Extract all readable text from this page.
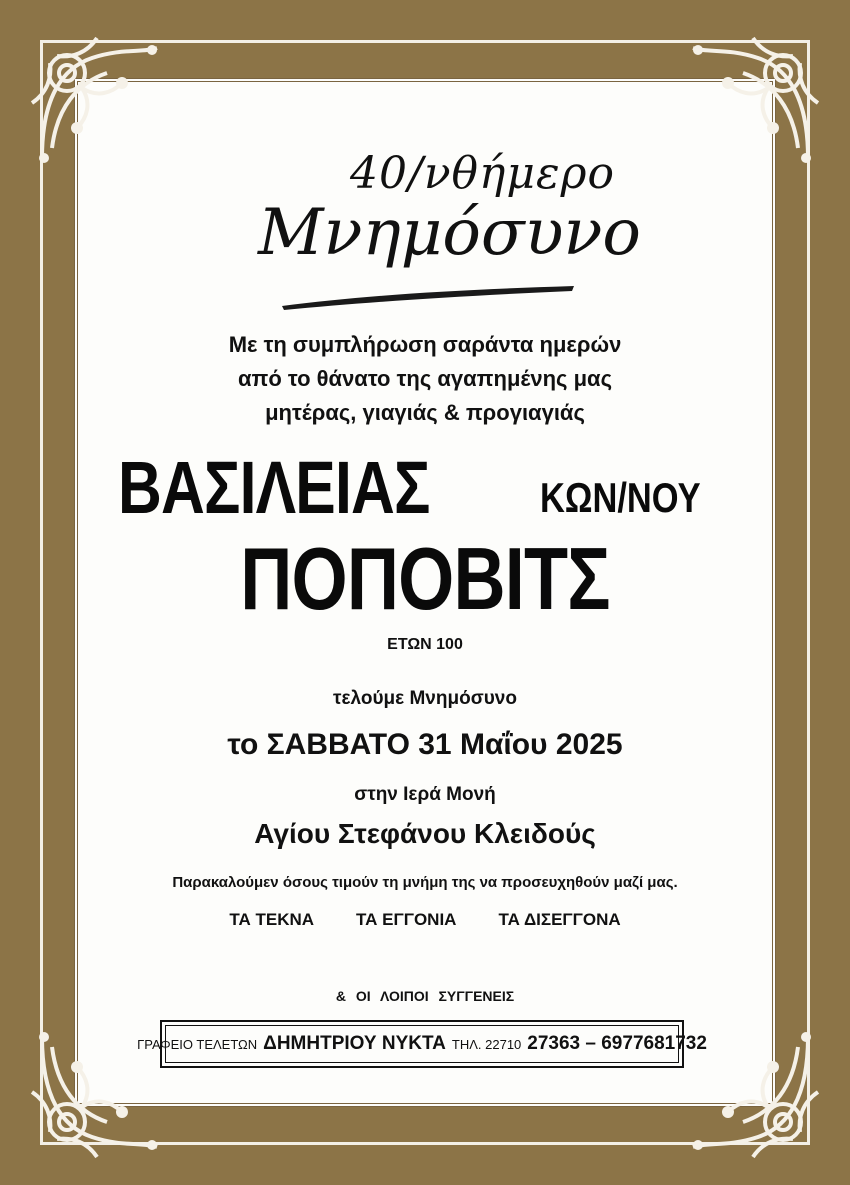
40/νθήμερο
Μνημόσυνο
Με τη συμπλήρωση σαράντα ημερών
από το θάνατο της αγαπημένης μας
μητέρας, γιαγιάς & προγιαγιάς
ΒΑΣΙΛΕΙΑΣ	ΚΩΝ/ΝΟΥ
ΠΟΠΟΒΙΤΣ
ΕΤΩΝ 100
τελούμε Μνημόσυνο
το ΣΑΒΒΑΤΟ 31 Μαΐου 2025
στην Ιερά Μονή
Αγίου Στεφάνου Κλειδούς
Παρακαλούμεν όσους τιμούν τη μνήμη της να προσευχηθούν μαζί μας.
ΤΑ ΤΕΚΝΑ ΤΑ ΕΓΓΟΝΙΑ ΤΑ ΔΙΣΕΓΓΟΝΑ
& ΟΙ ΛΟΙΠΟΙ ΣΥΓΓΕΝΕΙΣ
ΓΡΑΦΕΙΟ ΤΕΛΕΤΩΝ ΔΗΜΗΤΡΙΟΥ ΝΥΚΤΑ ΤΗΛ. 22710 27363 – 6977681732
